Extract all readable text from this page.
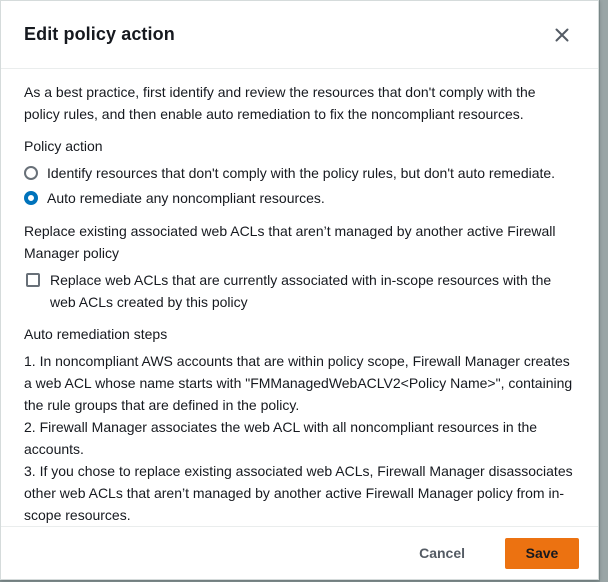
Edit policy action

As a best practice, first identify and review the resources that don't comply with the policy rules, and then enable auto remediation to fix the noncompliant resources.

Policy action
Identify resources that don't comply with the policy rules, but don't auto remediate.
Auto remediate any noncompliant resources.
Replace existing associated web ACLs that aren’t managed by another active Firewall Manager policy
Replace web ACLs that are currently associated with in-scope resources with the web ACLs created by this policy
Auto remediation steps

1. In noncompliant AWS accounts that are within policy scope, Firewall Manager creates a web ACL whose name starts with "FMManagedWebACLV2<Policy Name>", containing the rule groups that are defined in the policy.

2. Firewall Manager associates the web ACL with all noncompliant resources in the accounts.

3. If you chose to replace existing associated web ACLs, Firewall Manager disassociates other web ACLs that aren’t managed by another active Firewall Manager policy from in-scope resources.

Cancel	Save
